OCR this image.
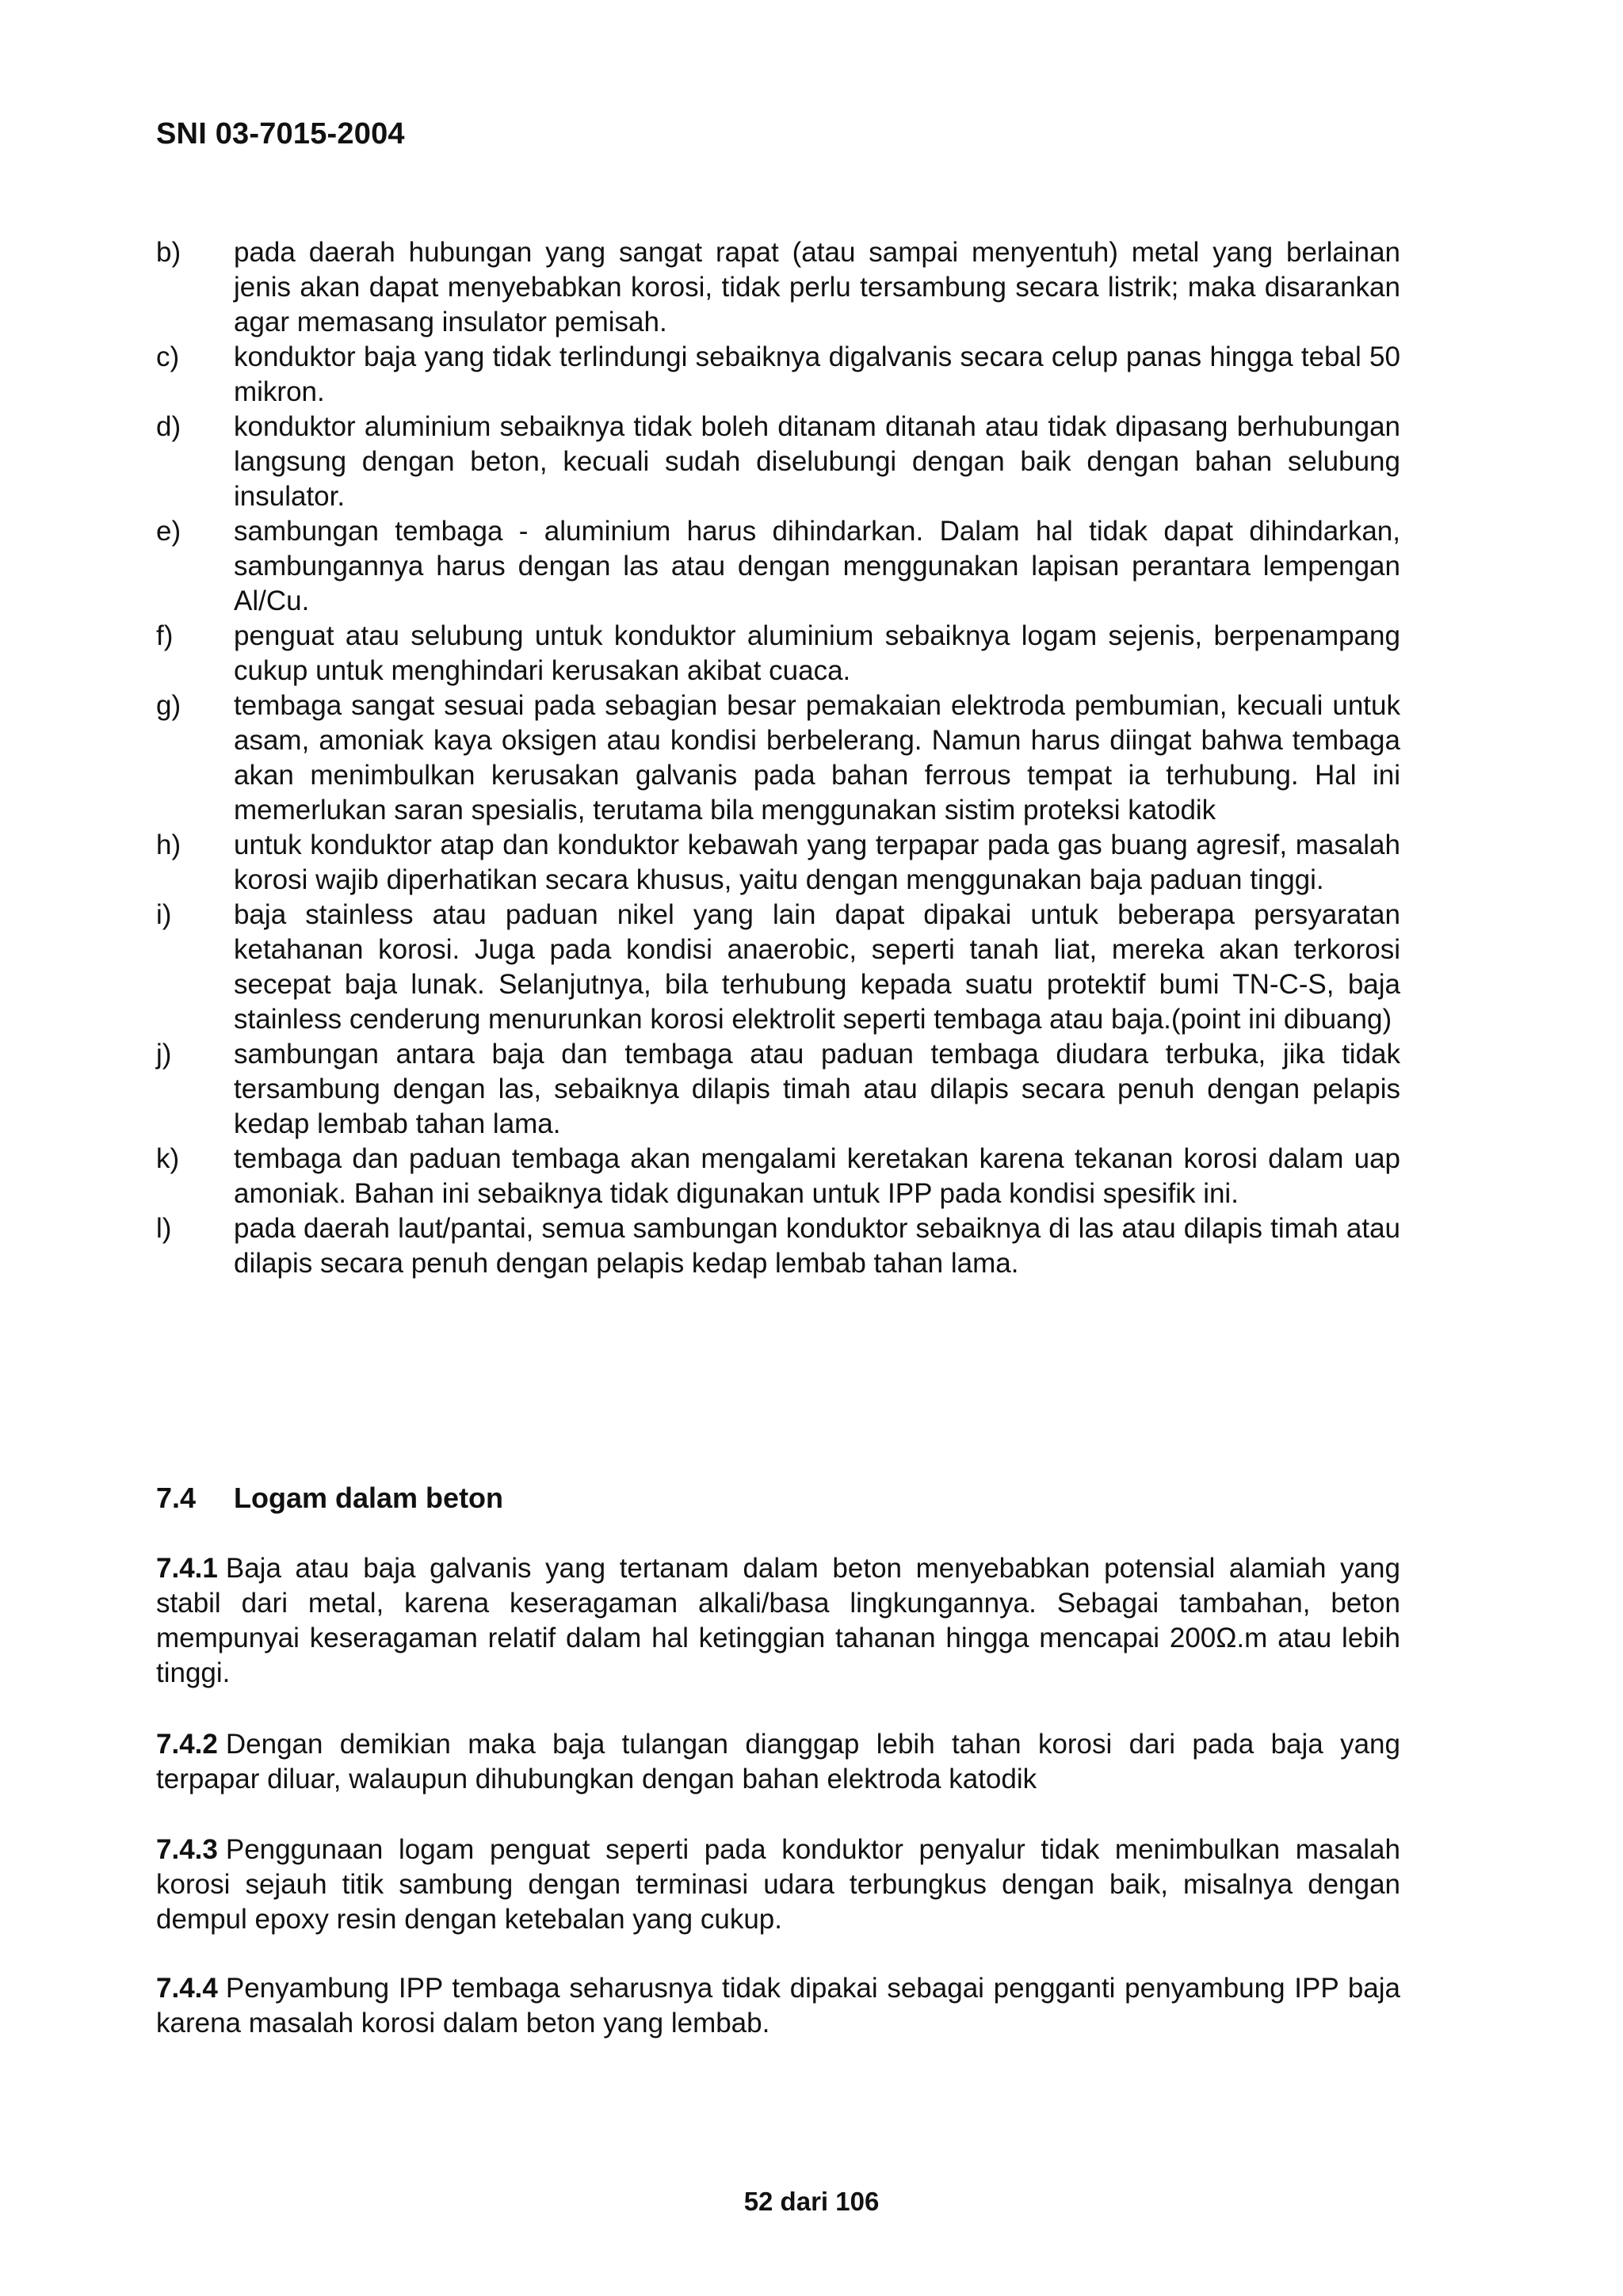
SNI 03-7015-2004
b)	pada daerah hubungan yang sangat rapat (atau sampai menyentuh) metal yang berlainan jenis akan dapat menyebabkan korosi, tidak perlu tersambung secara listrik; maka disarankan agar memasang insulator pemisah.
c)	konduktor baja yang tidak terlindungi sebaiknya digalvanis secara celup panas hingga tebal 50 mikron.
d)	konduktor aluminium sebaiknya tidak boleh ditanam ditanah atau tidak dipasang berhubungan langsung dengan beton, kecuali sudah diselubungi dengan baik dengan bahan selubung insulator.
e)	sambungan tembaga - aluminium harus dihindarkan. Dalam hal tidak dapat dihindarkan, sambungannya harus dengan las atau dengan menggunakan lapisan perantara lempengan Al/Cu.
f)	penguat atau selubung untuk konduktor aluminium sebaiknya logam sejenis, berpenampang cukup untuk menghindari kerusakan akibat cuaca.
g)	tembaga sangat sesuai pada sebagian besar pemakaian elektroda pembumian, kecuali untuk asam, amoniak kaya oksigen atau kondisi berbelerang. Namun harus diingat bahwa tembaga akan menimbulkan kerusakan galvanis pada bahan ferrous tempat ia terhubung. Hal ini memerlukan saran spesialis, terutama bila menggunakan sistim proteksi katodik
h)	untuk konduktor atap dan konduktor kebawah yang terpapar pada gas buang agresif, masalah korosi wajib diperhatikan secara khusus, yaitu dengan menggunakan baja paduan tinggi.
i)	baja stainless atau paduan nikel yang lain dapat dipakai untuk beberapa persyaratan ketahanan korosi. Juga pada kondisi anaerobic, seperti tanah liat, mereka akan terkorosi secepat baja lunak. Selanjutnya, bila terhubung kepada suatu protektif bumi TN-C-S, baja stainless cenderung menurunkan korosi elektrolit seperti tembaga atau baja.(point ini dibuang)
j)	sambungan antara baja dan tembaga atau paduan tembaga diudara terbuka, jika tidak tersambung dengan las, sebaiknya dilapis timah atau dilapis secara penuh dengan pelapis kedap lembab tahan lama.
k)	tembaga dan paduan tembaga akan mengalami keretakan karena tekanan korosi dalam uap amoniak. Bahan ini sebaiknya tidak digunakan untuk IPP pada kondisi spesifik ini.
l)	pada daerah laut/pantai, semua sambungan konduktor sebaiknya di las atau dilapis timah atau dilapis secara penuh dengan pelapis kedap lembab tahan lama.
7.4	Logam dalam beton
7.4.1 Baja atau baja galvanis yang tertanam dalam beton menyebabkan potensial alamiah yang stabil dari metal, karena keseragaman alkali/basa lingkungannya. Sebagai tambahan, beton mempunyai keseragaman relatif dalam hal ketinggian tahanan hingga mencapai 200Ω.m atau lebih tinggi.
7.4.2 Dengan demikian maka baja tulangan dianggap lebih tahan korosi dari pada baja yang terpapar diluar, walaupun dihubungkan dengan bahan elektroda katodik
7.4.3 Penggunaan logam penguat seperti pada konduktor penyalur tidak menimbulkan masalah korosi sejauh titik sambung dengan terminasi udara terbungkus dengan baik, misalnya dengan dempul epoxy resin dengan ketebalan yang cukup.
7.4.4 Penyambung IPP tembaga seharusnya tidak dipakai sebagai pengganti penyambung IPP baja karena masalah korosi dalam beton yang lembab.
52 dari 106
